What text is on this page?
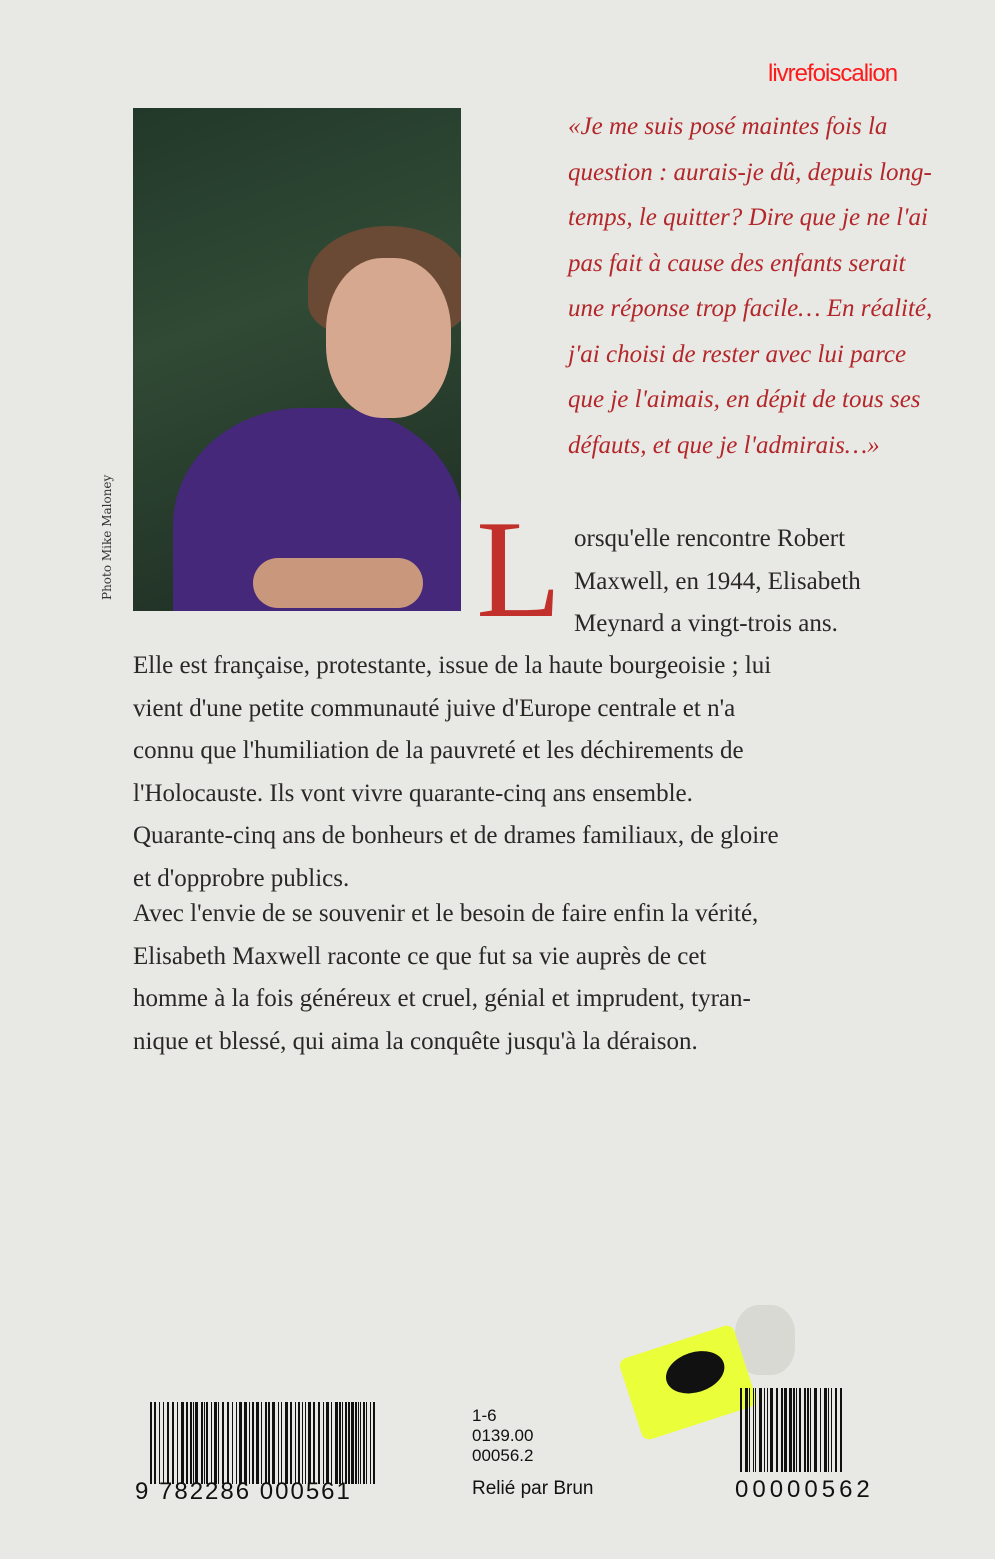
Photo Mike Maloney
livrefoiscalion
«Je me suis posé maintes fois la
question : aurais-je dû, depuis long-
temps, le quitter? Dire que je ne l'ai
pas fait à cause des enfants serait
une réponse trop facile… En réalité,
j'ai choisi de rester avec lui parce
que je l'aimais, en dépit de tous ses
défauts, et que je l'admirais…»
L orsqu'elle rencontre Robert
Maxwell, en 1944, Elisabeth
Meynard a vingt-trois ans.
Elle est française, protestante, issue de la haute bourgeoisie ; lui
vient d'une petite communauté juive d'Europe centrale et n'a
connu que l'humiliation de la pauvreté et les déchirements de
l'Holocauste. Ils vont vivre quarante-cinq ans ensemble.
Quarante-cinq ans de bonheurs et de drames familiaux, de gloire
et d'opprobre publics.
Avec l'envie de se souvenir et le besoin de faire enfin la vérité,
Elisabeth Maxwell raconte ce que fut sa vie auprès de cet
homme à la fois généreux et cruel, génial et imprudent, tyran-
nique et blessé, qui aima la conquête jusqu'à la déraison.
9 782286 000561
1-6
0139.00
00056.2
Relié par Brun	00000562
